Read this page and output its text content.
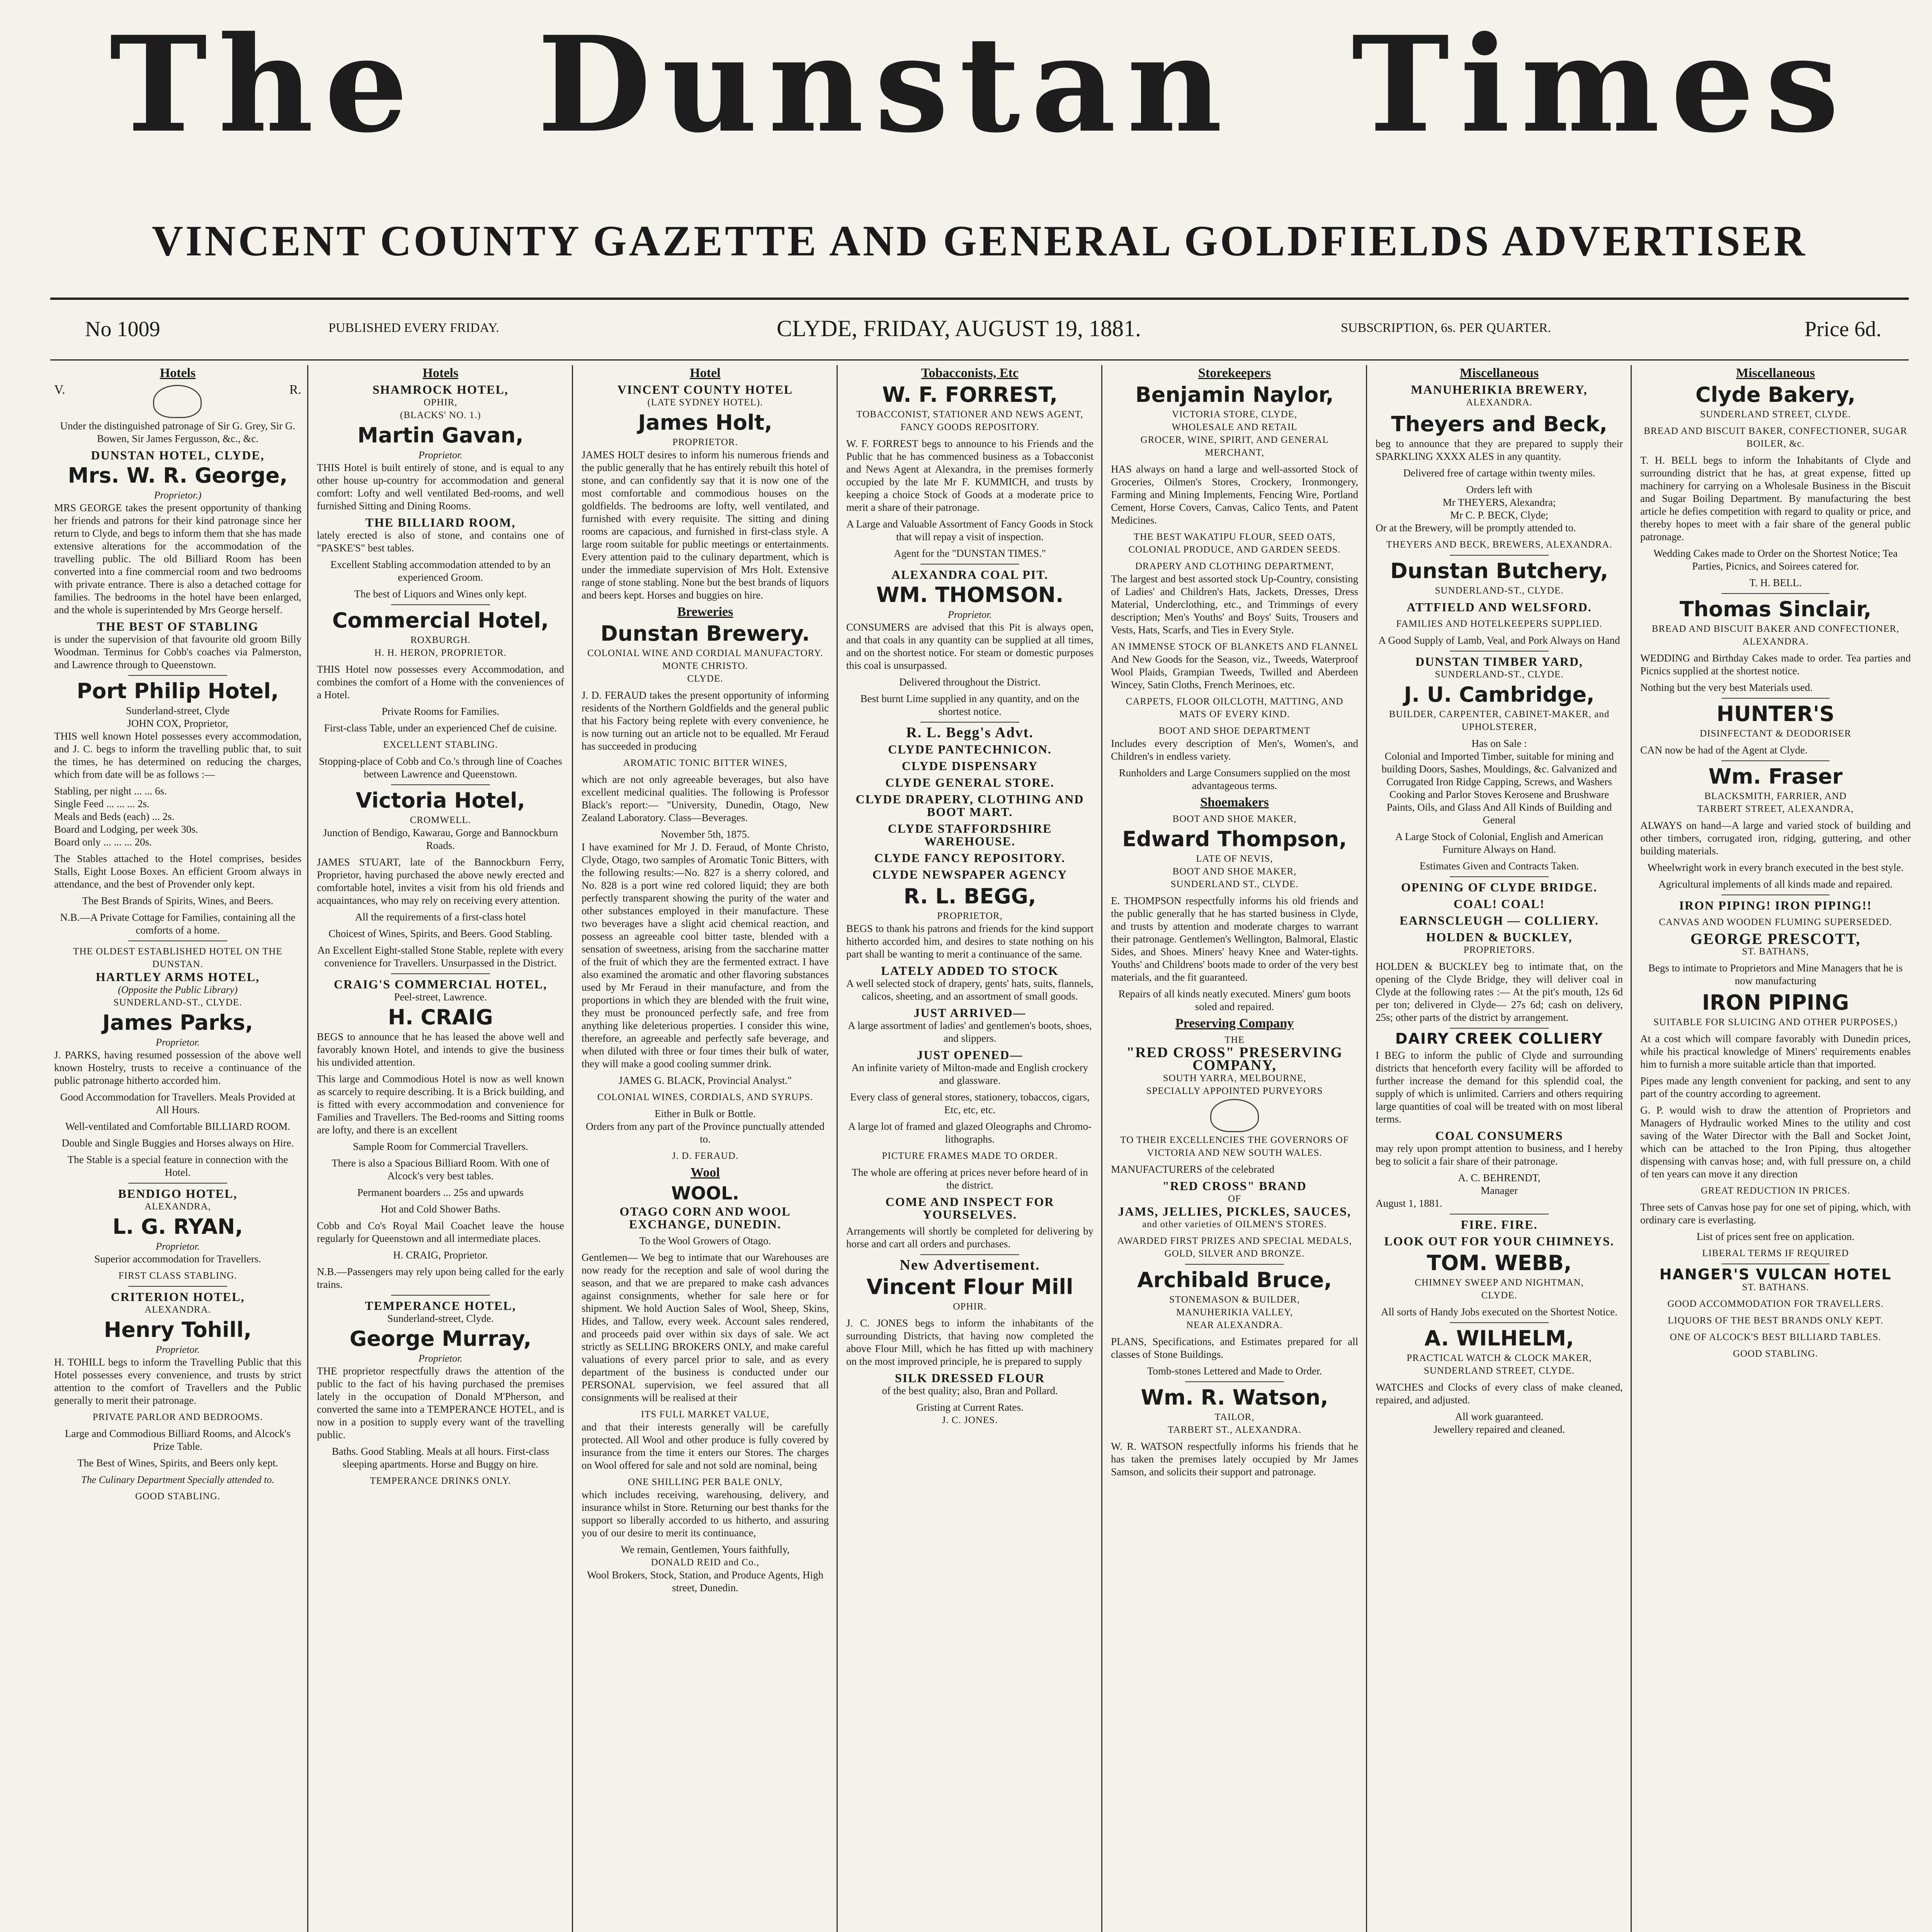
The Dunstan Times
VINCENT COUNTY GAZETTE AND GENERAL GOLDFIELDS ADVERTISER
No 1009	PUBLISHED EVERY FRIDAY.	CLYDE, FRIDAY, AUGUST 19, 1881.	SUBSCRIPTION, 6s. PER QUARTER.	Price 6d.
Hotels
V.	R.
Under the distinguished patronage of Sir G. Grey, Sir G. Bowen, Sir James Fergusson, &c., &c.
DUNSTAN HOTEL, CLYDE,
Mrs. W. R. George,
Proprietor.)
MRS GEORGE takes the present opportunity of thanking her friends and patrons for their kind patronage since her return to Clyde, and begs to inform them that she has made extensive alterations for the accommodation of the travelling public. The old Billiard Room has been converted into a fine commercial room and two bedrooms with private entrance. There is also a detached cottage for families. The bedrooms in the hotel have been enlarged, and the whole is superintended by Mrs George herself.
THE BEST OF STABLING
is under the supervision of that favourite old groom Billy Woodman. Terminus for Cobb's coaches via Palmerston, and Lawrence through to Queenstown.
Port Philip Hotel,
Sunderland-street, Clyde
JOHN COX, Proprietor,
THIS well known Hotel possesses every accommodation, and J. C. begs to inform the travelling public that, to suit the times, he has determined on reducing the charges, which from date will be as follows :—
Stabling, per night ... ... 6s.
Single Feed ... ... ... 2s.
Meals and Beds (each) ... 2s.
Board and Lodging, per week 30s.
Board only ... ... ... 20s.
The Stables attached to the Hotel comprises, besides Stalls, Eight Loose Boxes. An efficient Groom always in attendance, and the best of Provender only kept.
The Best Brands of Spirits, Wines, and Beers.
N.B.—A Private Cottage for Families, containing all the comforts of a home.
THE OLDEST ESTABLISHED HOTEL ON THE DUNSTAN.
HARTLEY ARMS HOTEL,
(Opposite the Public Library)
SUNDERLAND-ST., CLYDE.
James Parks,
Proprietor.
J. PARKS, having resumed possession of the above well known Hostelry, trusts to receive a continuance of the public patronage hitherto accorded him.
Good Accommodation for Travellers. Meals Provided at All Hours.
Well-ventilated and Comfortable BILLIARD ROOM.
Double and Single Buggies and Horses always on Hire.
The Stable is a special feature in connection with the Hotel.
BENDIGO HOTEL,
ALEXANDRA,
L. G. RYAN,
Proprietor.
Superior accommodation for Travellers.
FIRST CLASS STABLING.
CRITERION HOTEL,
ALEXANDRA.
Henry Tohill,
Proprietor.
H. TOHILL begs to inform the Travelling Public that this Hotel possesses every convenience, and trusts by strict attention to the comfort of Travellers and the Public generally to merit their patronage.
PRIVATE PARLOR AND BEDROOMS.
Large and Commodious Billiard Rooms, and Alcock's Prize Table.
The Best of Wines, Spirits, and Beers only kept.
The Culinary Department Specially attended to.
GOOD STABLING.
Hotels
SHAMROCK HOTEL,
OPHIR,
(BLACKS' NO. 1.)
Martin Gavan,
Proprietor.
THIS Hotel is built entirely of stone, and is equal to any other house up-country for accommodation and general comfort: Lofty and well ventilated Bed-rooms, and well furnished Sitting and Dining Rooms.
THE BILLIARD ROOM,
lately erected is also of stone, and contains one of "PASKE'S" best tables.
Excellent Stabling accommodation attended to by an experienced Groom.
The best of Liquors and Wines only kept.
Commercial Hotel,
ROXBURGH.
H. H. HERON, PROPRIETOR.
THIS Hotel now possesses every Accommodation, and combines the comfort of a Home with the conveniences of a Hotel.
Private Rooms for Families.
First-class Table, under an experienced Chef de cuisine.
EXCELLENT STABLING.
Stopping-place of Cobb and Co.'s through line of Coaches between Lawrence and Queenstown.
Victoria Hotel,
CROMWELL.
Junction of Bendigo, Kawarau, Gorge and Bannockburn Roads.
JAMES STUART, late of the Bannockburn Ferry, Proprietor, having purchased the above newly erected and comfortable hotel, invites a visit from his old friends and acquaintances, who may rely on receiving every attention.
All the requirements of a first-class hotel
Choicest of Wines, Spirits, and Beers. Good Stabling.
An Excellent Eight-stalled Stone Stable, replete with every convenience for Travellers. Unsurpassed in the District.
CRAIG'S COMMERCIAL HOTEL,
Peel-street, Lawrence.
H. CRAIG
BEGS to announce that he has leased the above well and favorably known Hotel, and intends to give the business his undivided attention.
This large and Commodious Hotel is now as well known as scarcely to require describing. It is a Brick building, and is fitted with every accommodation and convenience for Families and Travellers. The Bed-rooms and Sitting rooms are lofty, and there is an excellent
Sample Room for Commercial Travellers.
There is also a Spacious Billiard Room. With one of Alcock's very best tables.
Permanent boarders ... 25s and upwards
Hot and Cold Shower Baths.
Cobb and Co's Royal Mail Coachet leave the house regularly for Queenstown and all intermediate places.
H. CRAIG, Proprietor.
N.B.—Passengers may rely upon being called for the early trains.
TEMPERANCE HOTEL,
Sunderland-street, Clyde.
George Murray,
Proprietor.
THE proprietor respectfully draws the attention of the public to the fact of his having purchased the premises lately in the occupation of Donald M'Pherson, and converted the same into a TEMPERANCE HOTEL, and is now in a position to supply every want of the travelling public.
Baths. Good Stabling. Meals at all hours. First-class sleeping apartments. Horse and Buggy on hire.
TEMPERANCE DRINKS ONLY.
Hotel
VINCENT COUNTY HOTEL
(LATE SYDNEY HOTEL).
James Holt,
PROPRIETOR.
JAMES HOLT desires to inform his numerous friends and the public generally that he has entirely rebuilt this hotel of stone, and can confidently say that it is now one of the most comfortable and commodious houses on the goldfields. The bedrooms are lofty, well ventilated, and furnished with every requisite. The sitting and dining rooms are capacious, and furnished in first-class style. A large room suitable for public meetings or entertainments. Every attention paid to the culinary department, which is under the immediate supervision of Mrs Holt. Extensive range of stone stabling. None but the best brands of liquors and beers kept. Horses and buggies on hire.
Breweries
Dunstan Brewery.
COLONIAL WINE AND CORDIAL MANUFACTORY.
MONTE CHRISTO.
CLYDE.
J. D. FERAUD takes the present opportunity of informing residents of the Northern Goldfields and the general public that his Factory being replete with every convenience, he is now turning out an article not to be equalled. Mr Feraud has succeeded in producing
AROMATIC TONIC BITTER WINES,
which are not only agreeable beverages, but also have excellent medicinal qualities. The following is Professor Black's report:— "University, Dunedin, Otago, New Zealand Laboratory. Class—Beverages.
November 5th, 1875.
I have examined for Mr J. D. Feraud, of Monte Christo, Clyde, Otago, two samples of Aromatic Tonic Bitters, with the following results:—No. 827 is a sherry colored, and No. 828 is a port wine red colored liquid; they are both perfectly transparent showing the purity of the water and other substances employed in their manufacture. These two beverages have a slight acid chemical reaction, and possess an agreeable cool bitter taste, blended with a sensation of sweetness, arising from the saccharine matter of the fruit of which they are the fermented extract. I have also examined the aromatic and other flavoring substances used by Mr Feraud in their manufacture, and from the proportions in which they are blended with the fruit wine, they must be pronounced perfectly safe, and free from anything like deleterious properties. I consider this wine, therefore, an agreeable and perfectly safe beverage, and when diluted with three or four times their bulk of water, they will make a good cooling summer drink.
JAMES G. BLACK, Provincial Analyst."
COLONIAL WINES, CORDIALS, AND SYRUPS.
Either in Bulk or Bottle.
Orders from any part of the Province punctually attended to.
J. D. FERAUD.
Wool
WOOL.
OTAGO CORN AND WOOL EXCHANGE, DUNEDIN.
To the Wool Growers of Otago.
Gentlemen— We beg to intimate that our Warehouses are now ready for the reception and sale of wool during the season, and that we are prepared to make cash advances against consignments, whether for sale here or for shipment. We hold Auction Sales of Wool, Sheep, Skins, Hides, and Tallow, every week. Account sales rendered, and proceeds paid over within six days of sale. We act strictly as SELLING BROKERS ONLY, and make careful valuations of every parcel prior to sale, and as every department of the business is conducted under our PERSONAL supervision, we feel assured that all consignments will be realised at their
ITS FULL MARKET VALUE,
and that their interests generally will be carefully protected. All Wool and other produce is fully covered by insurance from the time it enters our Stores. The charges on Wool offered for sale and not sold are nominal, being
ONE SHILLING PER BALE ONLY,
which includes receiving, warehousing, delivery, and insurance whilst in Store. Returning our best thanks for the support so liberally accorded to us hitherto, and assuring you of our desire to merit its continuance,
We remain, Gentlemen, Yours faithfully,
DONALD REID and Co.,
Wool Brokers, Stock, Station, and Produce Agents, High street, Dunedin.
Tobacconists, Etc
W. F. FORREST,
TOBACCONIST, STATIONER AND NEWS AGENT,
FANCY GOODS REPOSITORY.
W. F. FORREST begs to announce to his Friends and the Public that he has commenced business as a Tobacconist and News Agent at Alexandra, in the premises formerly occupied by the late Mr F. KUMMICH, and trusts by keeping a choice Stock of Goods at a moderate price to merit a share of their patronage.
A Large and Valuable Assortment of Fancy Goods in Stock that will repay a visit of inspection.
Agent for the "DUNSTAN TIMES."
ALEXANDRA COAL PIT.
WM. THOMSON.
Proprietor.
CONSUMERS are advised that this Pit is always open, and that coals in any quantity can be supplied at all times, and on the shortest notice. For steam or domestic purposes this coal is unsurpassed.
Delivered throughout the District.
Best burnt Lime supplied in any quantity, and on the shortest notice.
R. L. Begg's Advt.
CLYDE PANTECHNICON.
CLYDE DISPENSARY
CLYDE GENERAL STORE.
CLYDE DRAPERY, CLOTHING AND BOOT MART.
CLYDE STAFFORDSHIRE WAREHOUSE.
CLYDE FANCY REPOSITORY.
CLYDE NEWSPAPER AGENCY
R. L. BEGG,
PROPRIETOR,
BEGS to thank his patrons and friends for the kind support hitherto accorded him, and desires to state nothing on his part shall be wanting to merit a continuance of the same.
LATELY ADDED TO STOCK
A well selected stock of drapery, gents' hats, suits, flannels, calicos, sheeting, and an assortment of small goods.
JUST ARRIVED—
A large assortment of ladies' and gentlemen's boots, shoes, and slippers.
JUST OPENED—
An infinite variety of Milton-made and English crockery and glassware.
Every class of general stores, stationery, tobaccos, cigars, Etc, etc, etc.
A large lot of framed and glazed Oleographs and Chromo-lithographs.
PICTURE FRAMES MADE TO ORDER.
The whole are offering at prices never before heard of in the district.
COME AND INSPECT FOR YOURSELVES.
Arrangements will shortly be completed for delivering by horse and cart all orders and purchases.
New Advertisement.
Vincent Flour Mill
OPHIR.
J. C. JONES begs to inform the inhabitants of the surrounding Districts, that having now completed the above Flour Mill, which he has fitted up with machinery on the most improved principle, he is prepared to supply
SILK DRESSED FLOUR
of the best quality; also, Bran and Pollard.
Gristing at Current Rates.
J. C. JONES.
Storekeepers
Benjamin Naylor,
VICTORIA STORE, CLYDE,
WHOLESALE AND RETAIL
GROCER, WINE, SPIRIT, AND GENERAL MERCHANT,
HAS always on hand a large and well-assorted Stock of Groceries, Oilmen's Stores, Crockery, Ironmongery, Farming and Mining Implements, Fencing Wire, Portland Cement, Horse Covers, Canvas, Calico Tents, and Patent Medicines.
THE BEST WAKATIPU FLOUR, SEED OATS, COLONIAL PRODUCE, AND GARDEN SEEDS.
DRAPERY AND CLOTHING DEPARTMENT,
The largest and best assorted stock Up-Country, consisting of Ladies' and Children's Hats, Jackets, Dresses, Dress Material, Underclothing, etc., and Trimmings of every description; Men's Youths' and Boys' Suits, Trousers and Vests, Hats, Scarfs, and Ties in Every Style.
AN IMMENSE STOCK OF BLANKETS AND FLANNEL
And New Goods for the Season, viz., Tweeds, Waterproof Wool Plaids, Grampian Tweeds, Twilled and Aberdeen Wincey, Satin Cloths, French Merinoes, etc.
CARPETS, FLOOR OILCLOTH, MATTING, AND MATS OF EVERY KIND.
BOOT AND SHOE DEPARTMENT
Includes every description of Men's, Women's, and Children's in endless variety.
Runholders and Large Consumers supplied on the most advantageous terms.
Shoemakers
BOOT AND SHOE MAKER,
Edward Thompson,
LATE OF NEVIS,
BOOT AND SHOE MAKER,
SUNDERLAND ST., CLYDE.
E. THOMPSON respectfully informs his old friends and the public generally that he has started business in Clyde, and trusts by attention and moderate charges to warrant their patronage. Gentlemen's Wellington, Balmoral, Elastic Sides, and Shoes. Miners' heavy Knee and Water-tights. Youths' and Childrens' boots made to order of the very best materials, and the fit guaranteed.
Repairs of all kinds neatly executed. Miners' gum boots soled and repaired.
Preserving Company
THE
"RED CROSS" PRESERVING COMPANY,
SOUTH YARRA, MELBOURNE,
SPECIALLY APPOINTED PURVEYORS
TO THEIR EXCELLENCIES THE GOVERNORS OF VICTORIA AND NEW SOUTH WALES.
MANUFACTURERS of the celebrated
"RED CROSS" BRAND
OF
JAMS, JELLIES, PICKLES, SAUCES,
and other varieties of OILMEN'S STORES.
AWARDED FIRST PRIZES AND SPECIAL MEDALS, GOLD, SILVER AND BRONZE.
Archibald Bruce,
STONEMASON & BUILDER,
MANUHERIKIA VALLEY,
NEAR ALEXANDRA.
PLANS, Specifications, and Estimates prepared for all classes of Stone Buildings.
Tomb-stones Lettered and Made to Order.
Wm. R. Watson,
TAILOR,
TARBERT ST., ALEXANDRA.
W. R. WATSON respectfully informs his friends that he has taken the premises lately occupied by Mr James Samson, and solicits their support and patronage.
Miscellaneous
MANUHERIKIA BREWERY,
ALEXANDRA.
Theyers and Beck,
beg to announce that they are prepared to supply their SPARKLING XXXX ALES in any quantity.
Delivered free of cartage within twenty miles.
Orders left with
Mr THEYERS, Alexandra;
Mr C. P. BECK, Clyde;
Or at the Brewery, will be promptly attended to.
THEYERS AND BECK, BREWERS, ALEXANDRA.
Dunstan Butchery,
SUNDERLAND-ST., CLYDE.
ATTFIELD AND WELSFORD.
FAMILIES AND HOTELKEEPERS SUPPLIED.
A Good Supply of Lamb, Veal, and Pork Always on Hand
DUNSTAN TIMBER YARD,
SUNDERLAND-ST., CLYDE.
J. U. Cambridge,
BUILDER, CARPENTER, CABINET-MAKER, and UPHOLSTERER,
Has on Sale :
Colonial and Imported Timber, suitable for mining and building Doors, Sashes, Mouldings, &c. Galvanized and Corrugated Iron Ridge Capping, Screws, and Washers Cooking and Parlor Stoves Kerosene and Brushware Paints, Oils, and Glass And All Kinds of Building and General
A Large Stock of Colonial, English and American Furniture Always on Hand.
Estimates Given and Contracts Taken.
OPENING OF CLYDE BRIDGE.
COAL! COAL!
EARNSCLEUGH — COLLIERY.
HOLDEN & BUCKLEY,
PROPRIETORS.
HOLDEN & BUCKLEY beg to intimate that, on the opening of the Clyde Bridge, they will deliver coal in Clyde at the following rates :— At the pit's mouth, 12s 6d per ton; delivered in Clyde— 27s 6d; cash on delivery, 25s; other parts of the district by arrangement.
DAIRY CREEK COLLIERY
I BEG to inform the public of Clyde and surrounding districts that henceforth every facility will be afforded to further increase the demand for this splendid coal, the supply of which is unlimited. Carriers and others requiring large quantities of coal will be treated with on most liberal terms.
COAL CONSUMERS
may rely upon prompt attention to business, and I hereby beg to solicit a fair share of their patronage.
A. C. BEHRENDT,
Manager
August 1, 1881.
FIRE. FIRE.
LOOK OUT FOR YOUR CHIMNEYS.
TOM. WEBB,
CHIMNEY SWEEP AND NIGHTMAN,
CLYDE.
All sorts of Handy Jobs executed on the Shortest Notice.
A. WILHELM,
PRACTICAL WATCH & CLOCK MAKER,
SUNDERLAND STREET, CLYDE.
WATCHES and Clocks of every class of make cleaned, repaired, and adjusted.
All work guaranteed.
Jewellery repaired and cleaned.
Miscellaneous
Clyde Bakery,
SUNDERLAND STREET, CLYDE.
BREAD AND BISCUIT BAKER, CONFECTIONER, SUGAR BOILER, &c.
T. H. BELL begs to inform the Inhabitants of Clyde and surrounding district that he has, at great expense, fitted up machinery for carrying on a Wholesale Business in the Biscuit and Sugar Boiling Department. By manufacturing the best article he defies competition with regard to quality or price, and thereby hopes to meet with a fair share of the general public patronage.
Wedding Cakes made to Order on the Shortest Notice; Tea Parties, Picnics, and Soirees catered for.
T. H. BELL.
Thomas Sinclair,
BREAD AND BISCUIT BAKER AND CONFECTIONER,
ALEXANDRA.
WEDDING and Birthday Cakes made to order. Tea parties and Picnics supplied at the shortest notice.
Nothing but the very best Materials used.
HUNTER'S
DISINFECTANT & DEODORISER
CAN now be had of the Agent at Clyde.
Wm. Fraser
BLACKSMITH, FARRIER, AND
TARBERT STREET, ALEXANDRA,
ALWAYS on hand—A large and varied stock of building and other timbers, corrugated iron, ridging, guttering, and other building materials.
Wheelwright work in every branch executed in the best style.
Agricultural implements of all kinds made and repaired.
IRON PIPING! IRON PIPING!!
CANVAS AND WOODEN FLUMING SUPERSEDED.
GEORGE PRESCOTT,
ST. BATHANS,
Begs to intimate to Proprietors and Mine Managers that he is now manufacturing
IRON PIPING
SUITABLE FOR SLUICING AND OTHER PURPOSES,)
At a cost which will compare favorably with Dunedin prices, while his practical knowledge of Miners' requirements enables him to furnish a more suitable article than that imported.
Pipes made any length convenient for packing, and sent to any part of the country according to agreement.
G. P. would wish to draw the attention of Proprietors and Managers of Hydraulic worked Mines to the utility and cost saving of the Water Director with the Ball and Socket Joint, which can be attached to the Iron Piping, thus altogether dispensing with canvas hose; and, with full pressure on, a child of ten years can move it any direction
GREAT REDUCTION IN PRICES.
Three sets of Canvas hose pay for one set of piping, which, with ordinary care is everlasting.
List of prices sent free on application.
LIBERAL TERMS IF REQUIRED
HANGER'S VULCAN HOTEL
ST. BATHANS.
GOOD ACCOMMODATION FOR TRAVELLERS.
LIQUORS OF THE BEST BRANDS ONLY KEPT.
ONE OF ALCOCK'S BEST BILLIARD TABLES.
GOOD STABLING.
